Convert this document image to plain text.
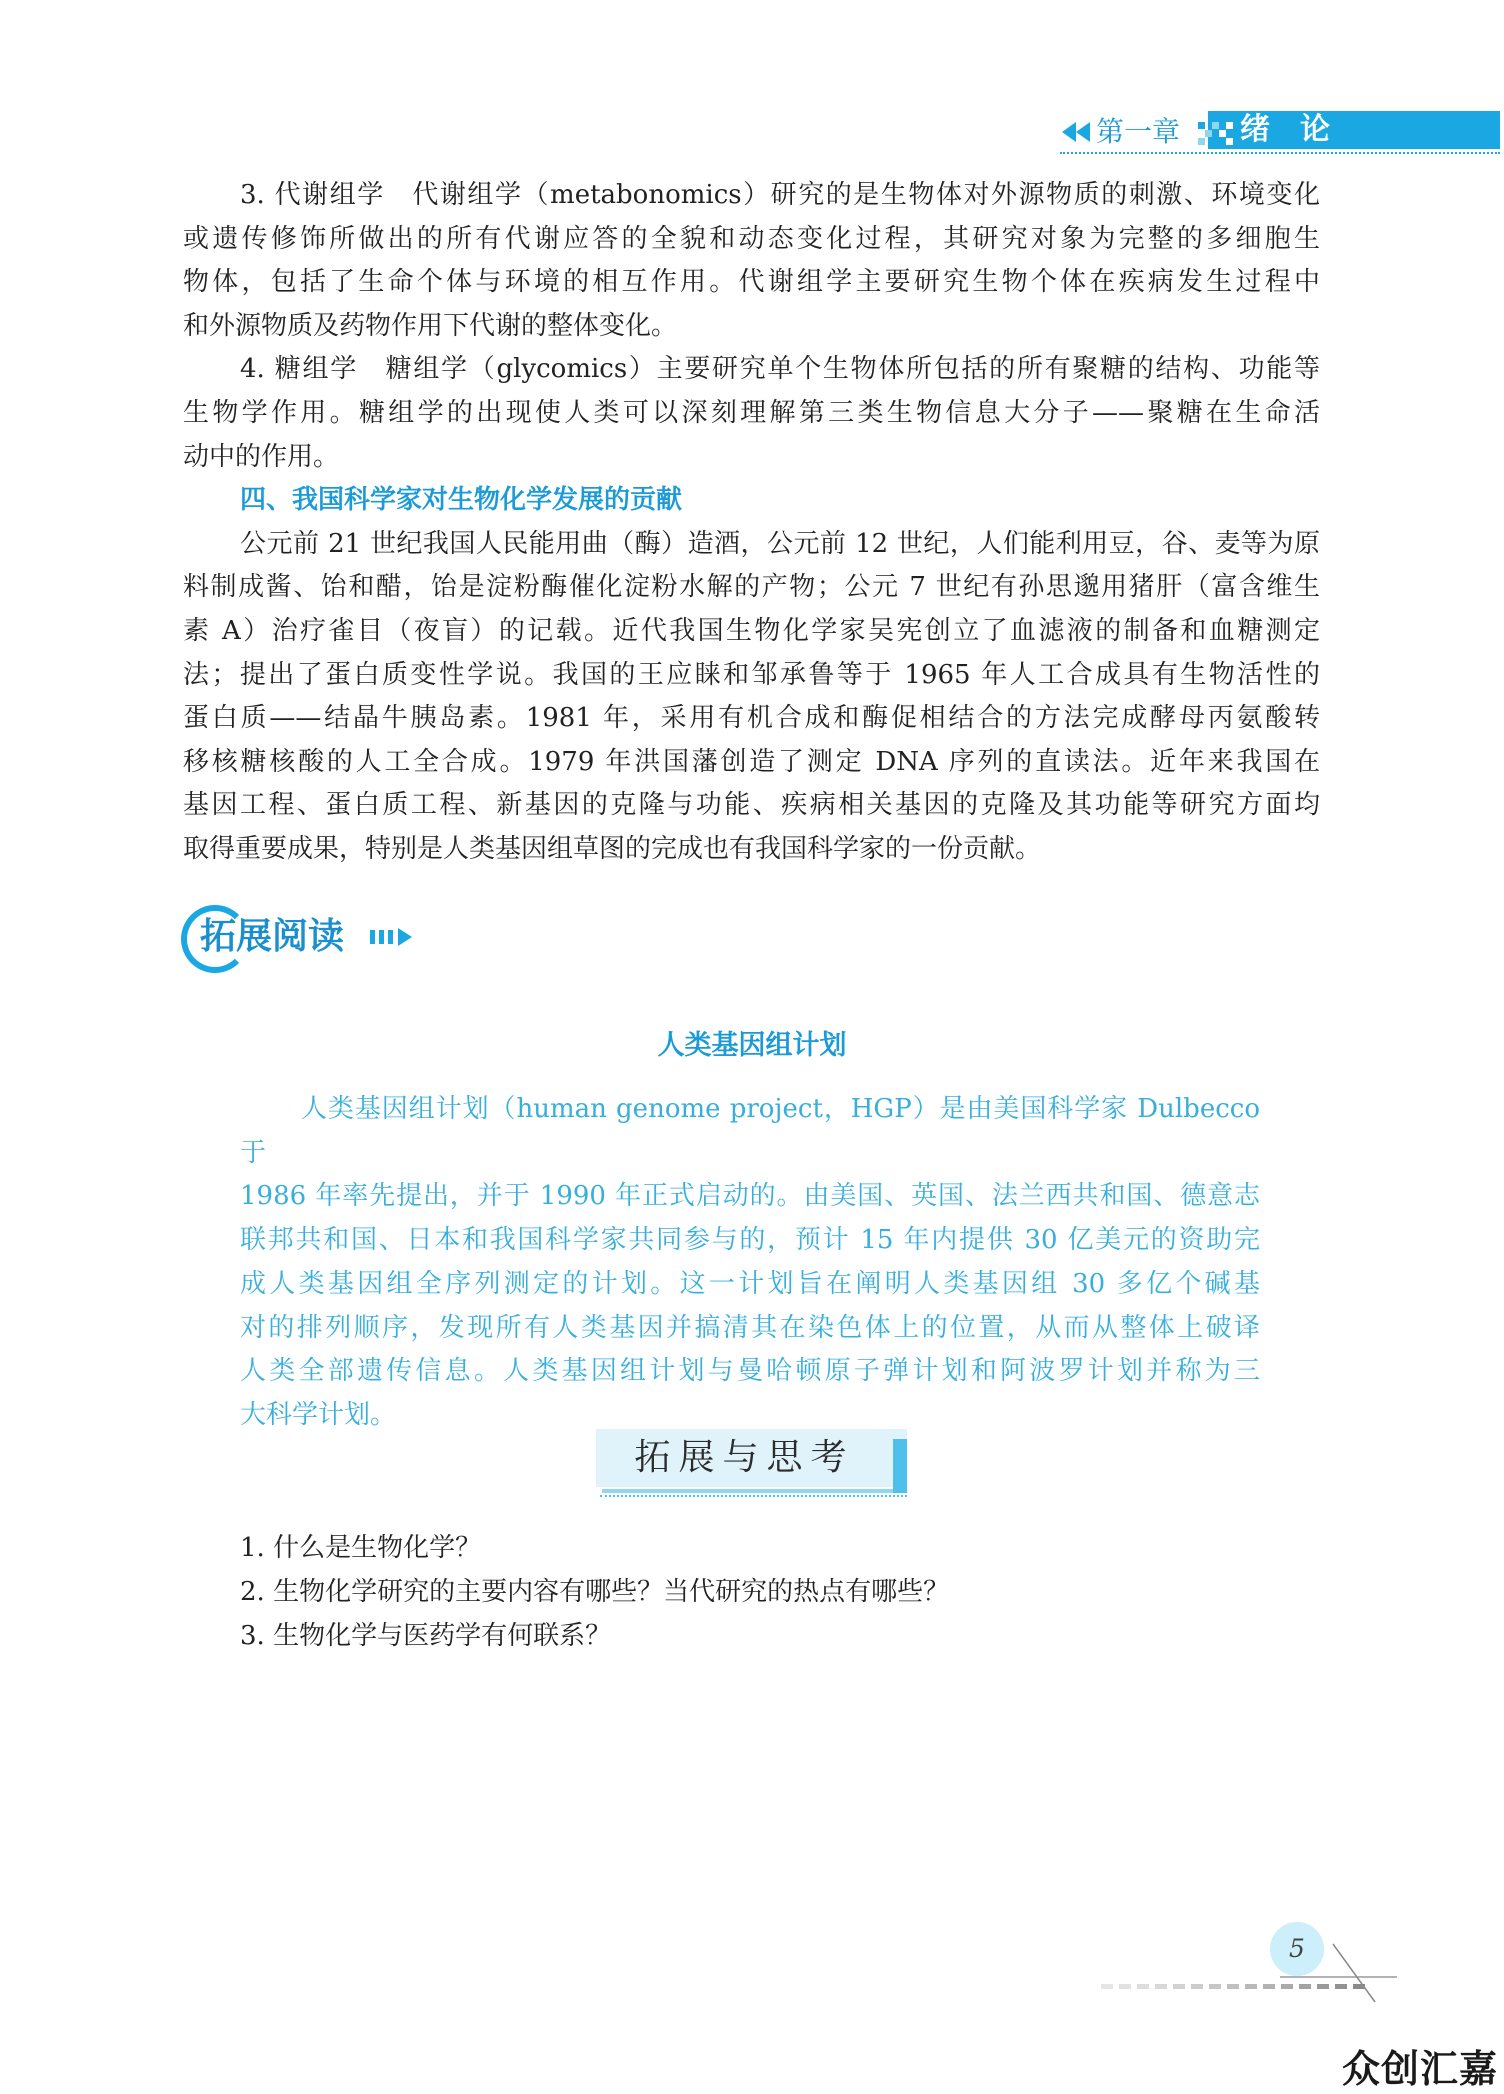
第一章 绪　论
3. 代谢组学　代谢组学（metabonomics）研究的是生物体对外源物质的刺激、环境变化
或遗传修饰所做出的所有代谢应答的全貌和动态变化过程，其研究对象为完整的多细胞生
物体，包括了生命个体与环境的相互作用。代谢组学主要研究生物个体在疾病发生过程中
和外源物质及药物作用下代谢的整体变化。
4. 糖组学　糖组学（glycomics）主要研究单个生物体所包括的所有聚糖的结构、功能等
生物学作用。糖组学的出现使人类可以深刻理解第三类生物信息大分子——聚糖在生命活
动中的作用。
四、我国科学家对生物化学发展的贡献
公元前 21 世纪我国人民能用曲（酶）造酒，公元前 12 世纪，人们能利用豆，谷、麦等为原
料制成酱、饴和醋，饴是淀粉酶催化淀粉水解的产物；公元 7 世纪有孙思邈用猪肝（富含维生
素 A）治疗雀目（夜盲）的记载。近代我国生物化学家吴宪创立了血滤液的制备和血糖测定
法；提出了蛋白质变性学说。我国的王应睐和邹承鲁等于 1965 年人工合成具有生物活性的
蛋白质——结晶牛胰岛素。1981 年，采用有机合成和酶促相结合的方法完成酵母丙氨酸转
移核糖核酸的人工全合成。1979 年洪国藩创造了测定 DNA 序列的直读法。近年来我国在
基因工程、蛋白质工程、新基因的克隆与功能、疾病相关基因的克隆及其功能等研究方面均
取得重要成果，特别是人类基因组草图的完成也有我国科学家的一份贡献。
拓展阅读
人类基因组计划
人类基因组计划（human genome project，HGP）是由美国科学家 Dulbecco 于
1986 年率先提出，并于 1990 年正式启动的。由美国、英国、法兰西共和国、德意志
联邦共和国、日本和我国科学家共同参与的，预计 15 年内提供 30 亿美元的资助完
成人类基因组全序列测定的计划。这一计划旨在阐明人类基因组 30 多亿个碱基
对的排列顺序，发现所有人类基因并搞清其在染色体上的位置，从而从整体上破译
人类全部遗传信息。人类基因组计划与曼哈顿原子弹计划和阿波罗计划并称为三
大科学计划。
拓展与思考
1. 什么是生物化学？
2. 生物化学研究的主要内容有哪些？当代研究的热点有哪些？
3. 生物化学与医药学有何联系？
5
众创汇嘉
